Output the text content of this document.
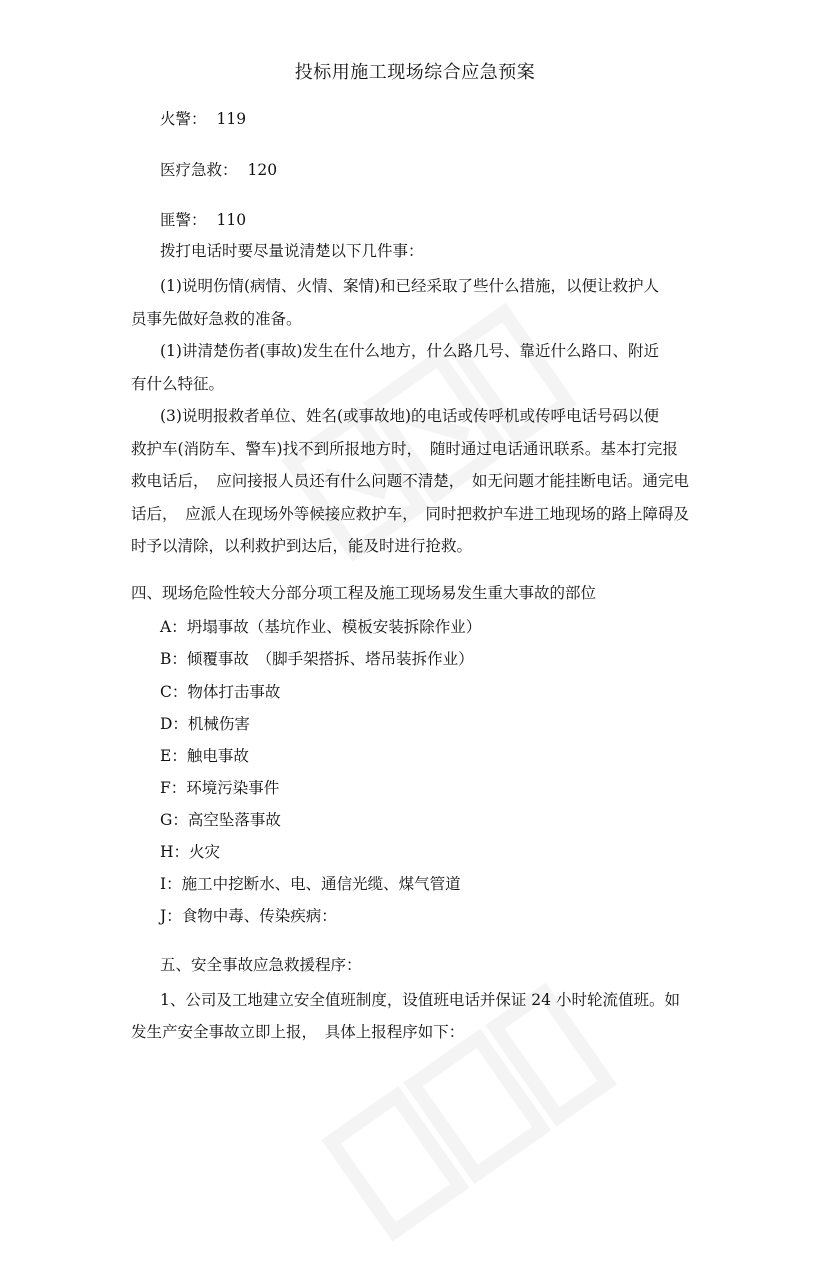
投标用施工现场综合应急预案
火警： 119
医疗急救： 120
匪警： 110
拨打电话时要尽量说清楚以下几件事：
(1)说明伤情(病情、火情、案情)和已经采取了些什么措施，以便让救护人
员事先做好急救的准备。
(1)讲清楚伤者(事故)发生在什么地方，什么路几号、靠近什么路口、附近
有什么特征。
(3)说明报救者单位、姓名(或事故地)的电话或传呼机或传呼电话号码以便
救护车(消防车、警车)找不到所报地方时，　随时通过电话通讯联系。基本打完报
救电话后，　应问接报人员还有什么问题不清楚，　如无问题才能挂断电话。通完电
话后，　应派人在现场外等候接应救护车，　同时把救护车进工地现场的路上障碍及
时予以清除，以利救护到达后，能及时进行抢救。
四、现场危险性较大分部分项工程及施工现场易发生重大事故的部位
A：坍塌事故（基坑作业、模板安装拆除作业）
B：倾覆事故　（脚手架搭拆、塔吊装拆作业）
C：物体打击事故
D：机械伤害
E：触电事故
F：环境污染事件
G：高空坠落事故
H：火灾
I：施工中挖断水、电、通信光缆、煤气管道
J：食物中毒、传染疾病：
五、安全事故应急救援程序：
1、公司及工地建立安全值班制度，设值班电话并保证 24 小时轮流值班。如
发生产安全事故立即上报，　具体上报程序如下：
